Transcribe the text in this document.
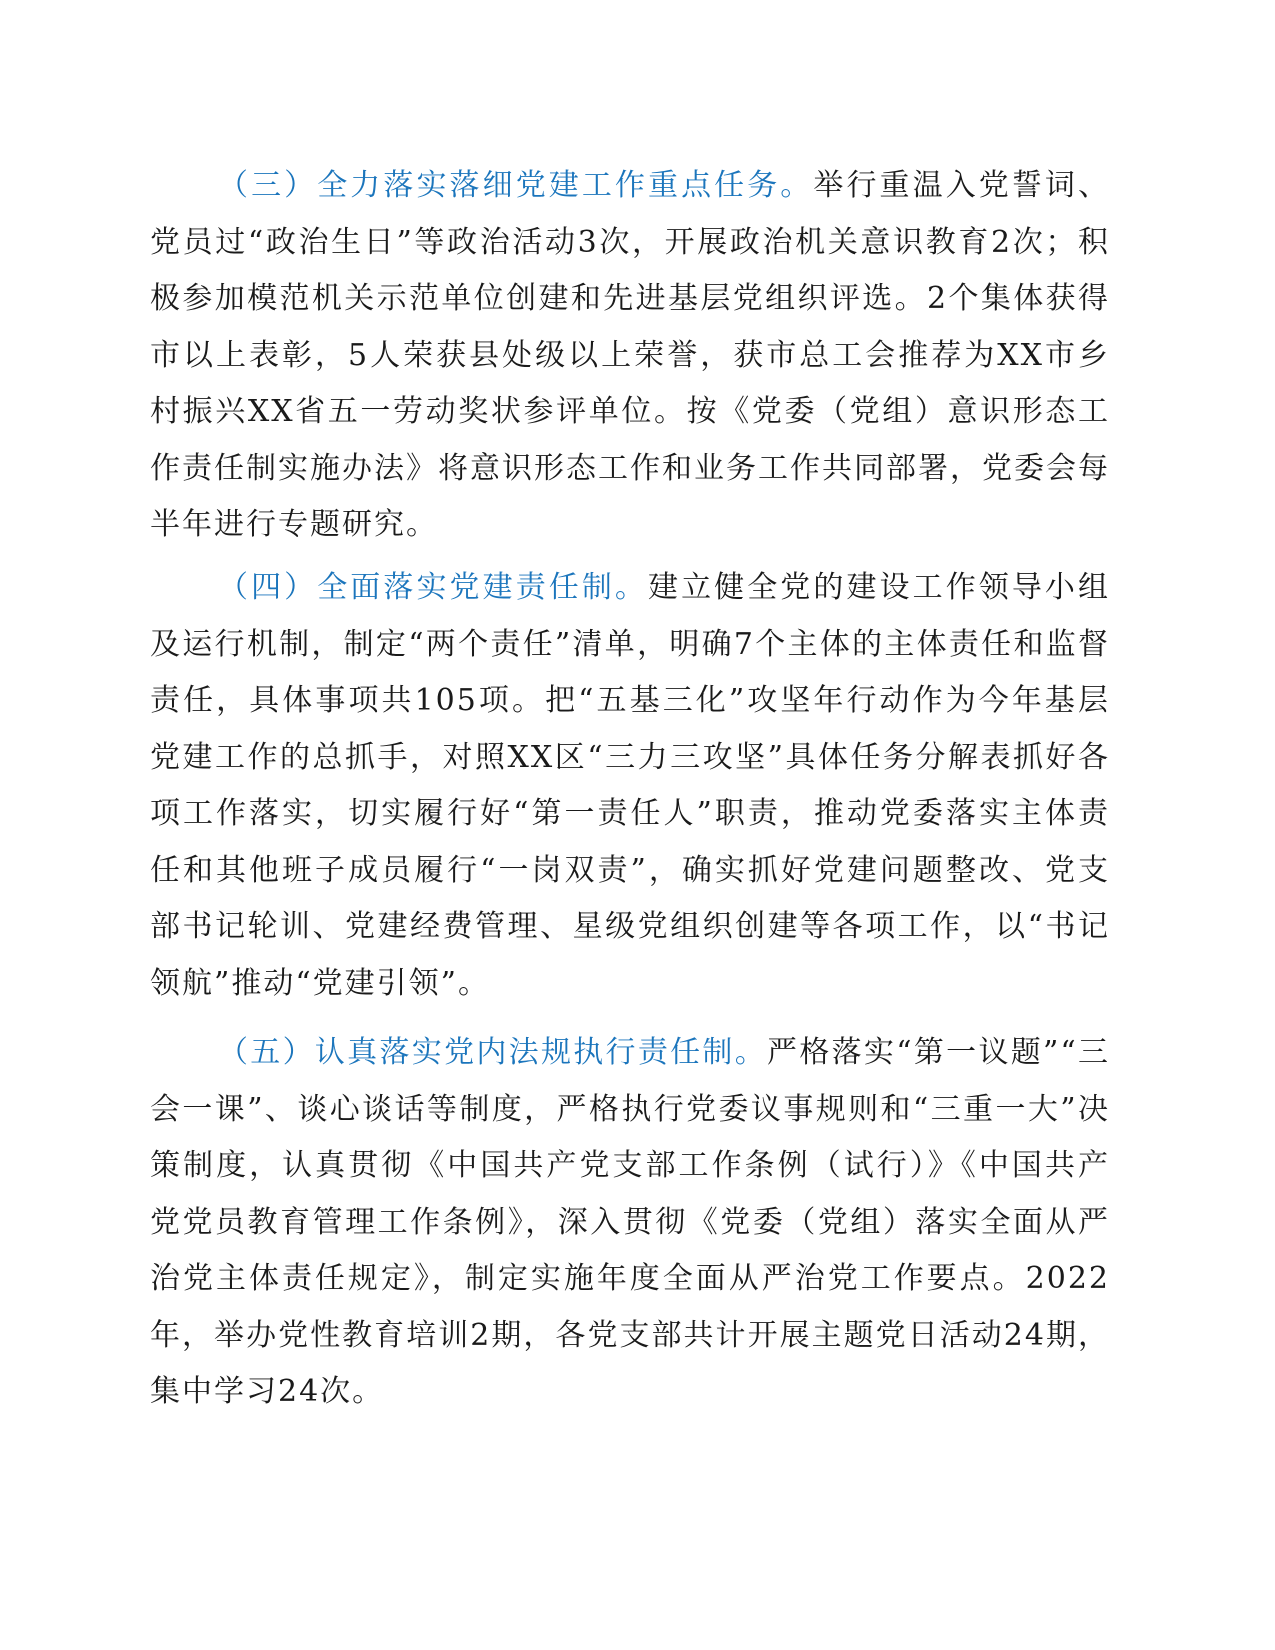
（三）全力落实落细党建工作重点任务。举行重温入党誓词、党员过“政治生日”等政治活动3次，开展政治机关意识教育2次；积极参加模范机关示范单位创建和先进基层党组织评选。2个集体获得市以上表彰，5人荣获县处级以上荣誉，获市总工会推荐为XX市乡村振兴XX省五一劳动奖状参评单位。按《党委（党组）意识形态工作责任制实施办法》将意识形态工作和业务工作共同部署，党委会每半年进行专题研究。

（四）全面落实党建责任制。建立健全党的建设工作领导小组及运行机制，制定“两个责任”清单，明确7个主体的主体责任和监督责任，具体事项共105项。把“五基三化”攻坚年行动作为今年基层党建工作的总抓手，对照XX区“三力三攻坚”具体任务分解表抓好各项工作落实，切实履行好“第一责任人”职责，推动党委落实主体责任和其他班子成员履行“一岗双责”，确实抓好党建问题整改、党支部书记轮训、党建经费管理、星级党组织创建等各项工作，以“书记领航”推动“党建引领”。

（五）认真落实党内法规执行责任制。严格落实“第一议题”“三会一课”、谈心谈话等制度，严格执行党委议事规则和“三重一大”决策制度，认真贯彻《中国共产党支部工作条例（试行）》《中国共产党党员教育管理工作条例》，深入贯彻《党委（党组）落实全面从严治党主体责任规定》，制定实施年度全面从严治党工作要点。2022年，举办党性教育培训2期，各党支部共计开展主题党日活动24期，集中学习24次。
